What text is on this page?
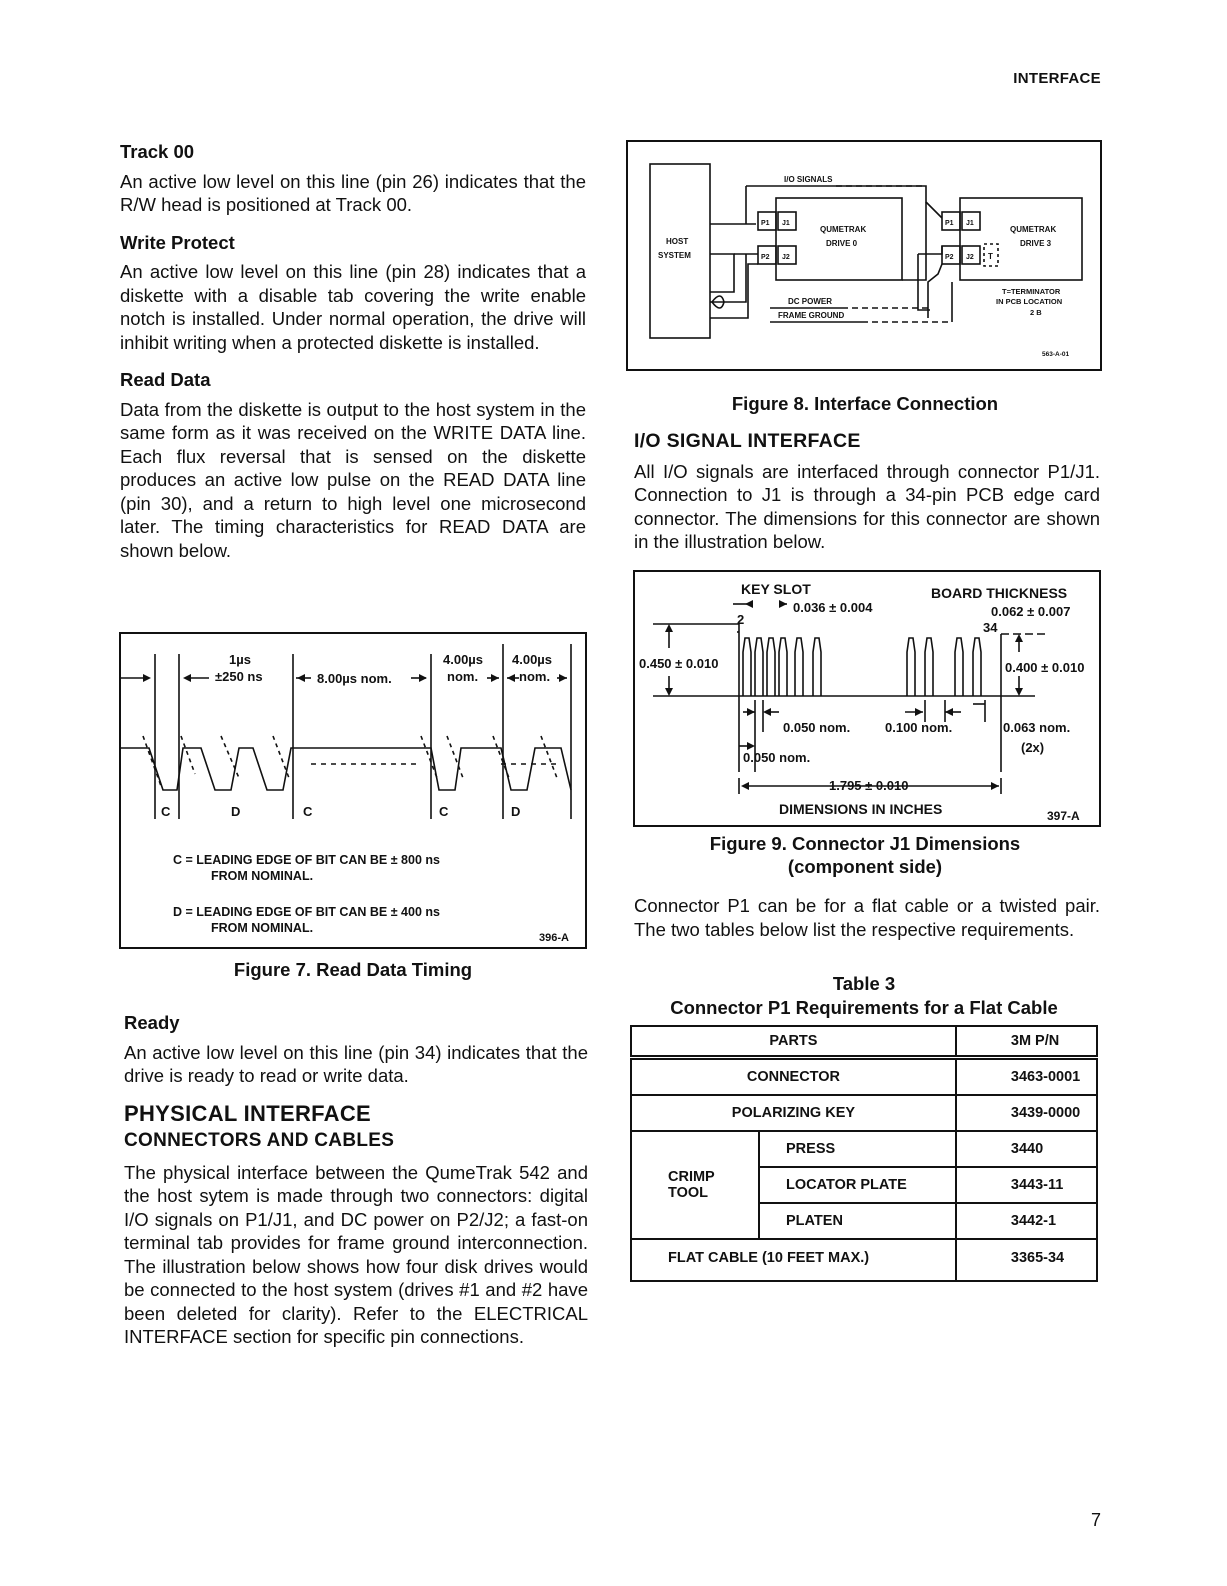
INTERFACE
Track 00

An active low level on this line (pin 26) indicates that the R/W head is positioned at Track 00.

Write Protect

An active low level on this line (pin 28) indicates that a diskette with a disable tab covering the write enable notch is installed. Under normal operation, the drive will inhibit writing when a protected diskette is installed.

Read Data

Data from the diskette is output to the host system in the same form as it was received on the WRITE DATA line. Each flux reversal that is sensed on the diskette produces an active low pulse on the READ DATA line (pin 30), and a return to high level one microsecond later. The timing characteristics for READ DATA are shown below.

1µs
±250 ns	8.00µs nom.
4.00µs
nom.
4.00µs
nom.
C	D	C	C	D
C = LEADING EDGE OF BIT CAN BE ± 800 ns
FROM NOMINAL.
D = LEADING EDGE OF BIT CAN BE ± 400 ns
FROM NOMINAL.
396-A
Figure 7. Read Data Timing
Ready

An active low level on this line (pin 34) indicates that the drive is ready to read or write data.

PHYSICAL INTERFACE
CONNECTORS AND CABLES

The physical interface between the QumeTrak 542 and the host sytem is made through two connectors: digital I/O signals on P1/J1, and DC power on P2/J2; a fast-on terminal tab provides for frame ground interconnection. The illustration below shows how four disk drives would be connected to the host system (drives #1 and #2 have been deleted for clarity). Refer to the ELECTRICAL INTERFACE section for specific pin connections.

I/O SIGNALS
HOST
SYSTEM
QUMETRAK
DRIVE 0
QUMETRAK
DRIVE 3
P1 J1
P2 J2
P1 J1
P2 J2 T
DC POWER
FRAME GROUND
T=TERMINATOR
IN PCB LOCATION
2 B
563-A-01
Figure 8. Interface Connection
I/O SIGNAL INTERFACE

All I/O signals are interfaced through connector P1/J1. Connection to J1 is through a 34-pin PCB edge card connector. The dimensions for this connector are shown in the illustration below.

KEY SLOT
0.036 ± 0.004
BOARD THICKNESS
0.062 ± 0.007
2
34
0.450 ± 0.010	0.400 ± 0.010
0.050 nom.	0.100 nom.	0.063 nom.
(2x)
0.050 nom.
1.795 ± 0.010
DIMENSIONS IN INCHES	397-A
Figure 9. Connector J1 Dimensions
(component side)

Connector P1 can be for a flat cable or a twisted pair. The two tables below list the respective requirements.

Table 3
Connector P1 Requirements for a Flat Cable
PARTS		3M P/N
CONNECTOR		3463-0001
POLARIZING KEY		3439-0000
CRIMP TOOL	PRESS	3440
	LOCATOR PLATE	3443-11
	PLATEN	3442-1
FLAT CABLE (10 FEET MAX.)		3365-34
7
